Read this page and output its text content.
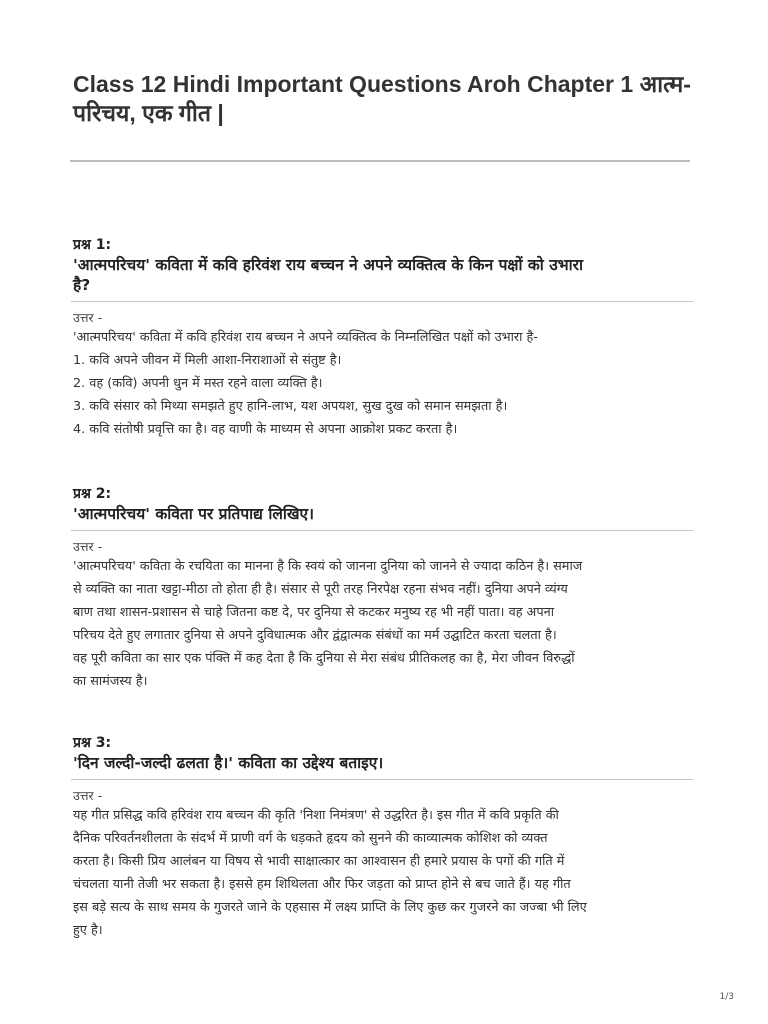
Class 12 Hindi Important Questions Aroh Chapter 1 आत्म-
परिचय, एक गीत |
प्रश्न 1:
'आत्मपरिचय' कविता में कवि हरिवंश राय बच्चन ने अपने व्यक्तित्व के किन पक्षों को उभारा
है?
उत्तर -
'आत्मपरिचय' कविता में कवि हरिवंश राय बच्चन ने अपने व्यक्तित्व के निम्नलिखित पक्षों को उभारा है-
1. कवि अपने जीवन में मिली आशा-निराशाओं से संतुष्ट है।
2. वह (कवि) अपनी धुन में मस्त रहने वाला व्यक्ति है।
3. कवि संसार को मिथ्या समझते हुए हानि-लाभ, यश अपयश, सुख दुख को समान समझता है।
4. कवि संतोषी प्रवृत्ति का है। वह वाणी के माध्यम से अपना आक्रोश प्रकट करता है।
प्रश्न 2:
'आत्मपरिचय' कविता पर प्रतिपाद्य लिखिए।
उत्तर -
'आत्मपरिचय' कविता के रचयिता का मानना है कि स्वयं को जानना दुनिया को जानने से ज्यादा कठिन है। समाज
से व्यक्ति का नाता खट्टा-मीठा तो होता ही है। संसार से पूरी तरह निरपेक्ष रहना संभव नहीं। दुनिया अपने व्यंग्य
बाण तथा शासन-प्रशासन से चाहे जितना कष्ट दे, पर दुनिया से कटकर मनुष्य रह भी नहीं पाता। वह अपना
परिचय देते हुए लगातार दुनिया से अपने दुविधात्मक और द्वंद्वात्मक संबंधों का मर्म उद्घाटित करता चलता है।
वह पूरी कविता का सार एक पंक्ति में कह देता है कि दुनिया से मेरा संबंध प्रीतिकलह का है, मेरा जीवन विरुद्धों
का सामंजस्य है।
प्रश्न 3:
'दिन जल्दी-जल्दी ढलता है।' कविता का उद्देश्य बताइए।
उत्तर -
यह गीत प्रसिद्ध कवि हरिवंश राय बच्चन की कृति 'निशा निमंत्रण' से उद्धरित है। इस गीत में कवि प्रकृति की
दैनिक परिवर्तनशीलता के संदर्भ में प्राणी वर्ग के धड़कते हृदय को सुनने की काव्यात्मक कोशिश को व्यक्त
करता है। किसी प्रिय आलंबन या विषय से भावी साक्षात्कार का आश्वासन ही हमारे प्रयास के पगों की गति में
चंचलता यानी तेजी भर सकता है। इससे हम शिथिलता और फिर जड़ता को प्राप्त होने से बच जाते हैं। यह गीत
इस बड़े सत्य के साथ समय के गुजरते जाने के एहसास में लक्ष्य प्राप्ति के लिए कुछ कर गुजरने का जज्बा भी लिए
हुए है।
1/3
